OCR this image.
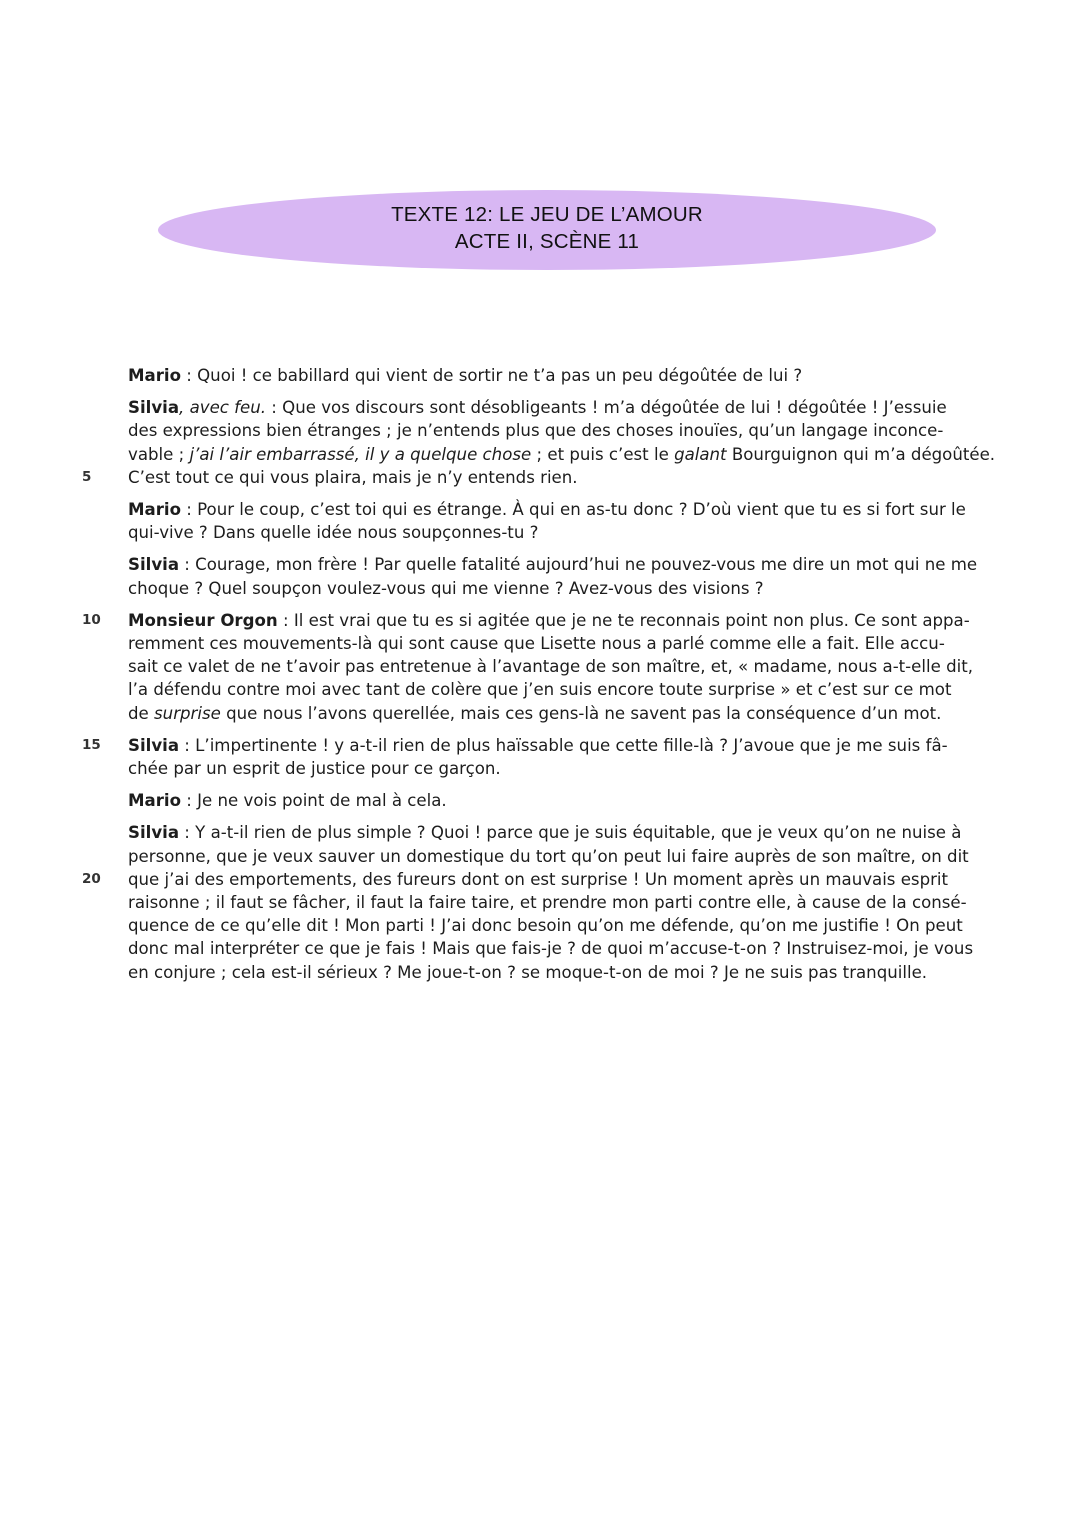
TEXTE 12: LE JEU DE L’AMOUR
ACTE II, SCÈNE 11
Mario : Quoi ! ce babillard qui vient de sortir ne t’a pas un peu dégoûtée de lui ?
Silvia, avec feu. : Que vos discours sont désobligeants ! m’a dégoûtée de lui ! dégoûtée ! J’essuie
des expressions bien étranges ; je n’entends plus que des choses inouïes, qu’un langage inconce-
vable ; j’ai l’air embarrassé, il y a quelque chose ; et puis c’est le galant Bourguignon qui m’a dégoûtée.
5	C’est tout ce qui vous plaira, mais je n’y entends rien.
Mario : Pour le coup, c’est toi qui es étrange. À qui en as-tu donc ? D’où vient que tu es si fort sur le
qui-vive ? Dans quelle idée nous soupçonnes-tu ?
Silvia : Courage, mon frère ! Par quelle fatalité aujourd’hui ne pouvez-vous me dire un mot qui ne me
choque ? Quel soupçon voulez-vous qui me vienne ? Avez-vous des visions ?
10	Monsieur Orgon : Il est vrai que tu es si agitée que je ne te reconnais point non plus. Ce sont appa-
remment ces mouvements-là qui sont cause que Lisette nous a parlé comme elle a fait. Elle accu-
sait ce valet de ne t’avoir pas entretenue à l’avantage de son maître, et, « madame, nous a-t-elle dit,
l’a défendu contre moi avec tant de colère que j’en suis encore toute surprise » et c’est sur ce mot
de surprise que nous l’avons querellée, mais ces gens-là ne savent pas la conséquence d’un mot.
15	Silvia : L’impertinente ! y a-t-il rien de plus haïssable que cette fille-là ? J’avoue que je me suis fâ-
chée par un esprit de justice pour ce garçon.
Mario : Je ne vois point de mal à cela.
Silvia : Y a-t-il rien de plus simple ? Quoi ! parce que je suis équitable, que je veux qu’on ne nuise à
personne, que je veux sauver un domestique du tort qu’on peut lui faire auprès de son maître, on dit
20	que j’ai des emportements, des fureurs dont on est surprise ! Un moment après un mauvais esprit
raisonne ; il faut se fâcher, il faut la faire taire, et prendre mon parti contre elle, à cause de la consé-
quence de ce qu’elle dit ! Mon parti ! J’ai donc besoin qu’on me défende, qu’on me justifie ! On peut
donc mal interpréter ce que je fais ! Mais que fais-je ? de quoi m’accuse-t-on ? Instruisez-moi, je vous
en conjure ; cela est-il sérieux ? Me joue-t-on ? se moque-t-on de moi ? Je ne suis pas tranquille.
